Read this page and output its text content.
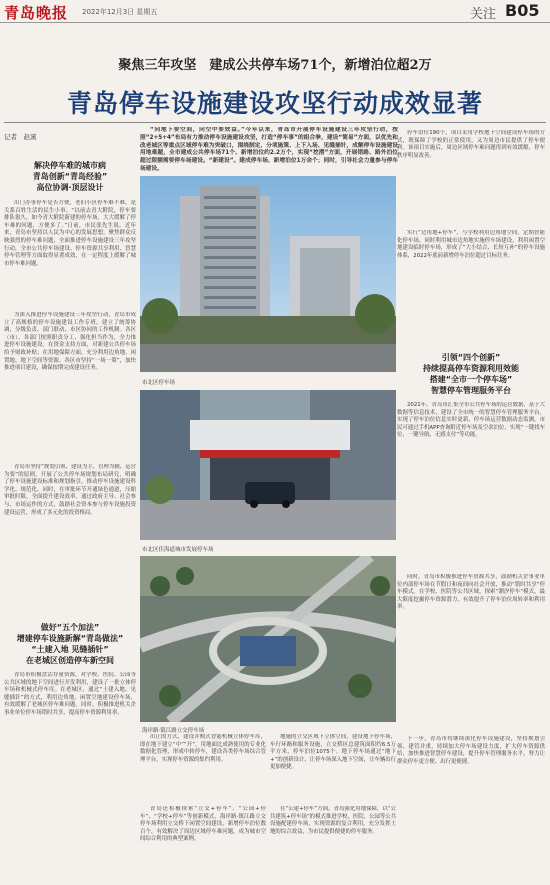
青岛晚报 2022年12月3日 星期五	关注 B05
聚焦三年攻坚　建成公共停车场71个，新增泊位超2万
青岛停车设施建设攻坚行动成效显著
记者　赵溪

“向地下要空间，向空中要效益。”今年以来，青岛市开展停车设施建设三年攻坚行动，按照“2+5+4”布局有力推动停车设施建设攻坚，打造“停车事”的组合拳，建设“简易”方面，以优先和改老城区等重点区域停车难为突破口，围绕制定、分项施策、上下入场、见缝插针，成解停车设施建设用地难题，全市建成公共停车场71个、新增泊位约2.2万个，实现“挖潜”方面，开展错路、路外泊位超过限额需要停车场建设。“新建设”。建成停车场、新增泊位1万余个；同时，引导社会力量参与停车场建设。

解决停车难的城市病
青岛创新“青岛经验”
高位协调·顶层设计

出门办事停车是否方便，老旧小区停车难不难，是关系百姓生活的民生小事。“以前去青大附院，停车要排队很久，如今青大附院新建的停车场，大大缓解了停车难的问题，方便多了。”日前，市民张先生说。近年来，青岛市坚持以人民为中心的发展思想，聚焦群众反映强烈的停车难问题，全面推进停车设施建设三年攻坚行动，全市公共停车场建设、停车资源共享利用、智慧停车管理等方面取得显著成效，在一定程度上缓解了城市停车难问题。

为深入推进停车设施建设三年攻坚行动，青岛市成立了高规格的停车设施建设工作专班，建立了统筹协调、分级负责、部门联动、市区协同的工作机制。各区（市）、各部门按照职责分工，强化担当作为，全力推进停车设施建设。在资金支持方面，对新建公共停车场给予财政补贴；在用地保障方面，充分利用边角地、闲置地、地下空间等资源。各区市坚持“一场一策”，加快推进项目建设，确保按期完成建设任务。

青岛市坚持“规划引领、建设为主、管理为辅、运营为要”的原则，开展了公共停车场规划布局研究，明确了停车设施建设标准和规划指引，推动停车设施建设科学化、规范化。同时，在审批环节开通绿色通道，压缩审批时限，全面提升建设效率。通过政府主导、社会参与、市场运作的方式，鼓励社会资本参与停车设施投资建设运营，形成了多元化的投资格局。

做好“五个加法”
增建停车设施新解“青岛做法”
“土建入地 见缝插针”
在老城区创造停车新空间

青岛市积极盘活存量资源，对学校、医院、公园等公共区域的地下空间进行开发利用，建设了一批立体停车场和机械式停车库。在老城区，通过“土建入地、见缝插针”的方式，利用边角地、闲置空地建设停车场，有效缓解了老城区停车难问题。同时，积极推进机关企事业单位停车场错时共享，提高停车资源利用率。

市北区停车场
市北区佳海道城市发展停车场
海岸路·镇江路立交停车场

出让的方式，建设并购式智能机械立体停车库，即在地下建立“中”“开”，用地面比成熟使用的专业化数据化管理，形成中转停车，建设各类停车场综合管理平台，实现停车资源的集约利用。

青岛还积极探索“立交+停车”、“公园+停车”、“学校+停车”等创新模式，海岸路·镇江路立交停车场利用立交桥下闲置空间建设，新增停车泊位数百个，有效解决了周边区域停车难问题，成为城市空间综合利用的典型案例。

地施的立交区域下立体空间，建设地下停车场，车行环路和服务设施，立交桥区总建筑面积约6.5万平方米，停车泊位1075个。地下停车场通过“地下+”的创新设计，让停车场深入地下空间，让车辆出行更加便捷。

在“公建+停车”方面，青岛强化用地保障，以“公共建筑+停车场”的模式推进学校、医院、公园等公共设施配建停车场，实现资源的复合利用，充分发挥土地的综合效益，为市民提供便捷的停车服务。

停车泊位190个，项目采用学校地下空间建设停车场的方式，既保障了学校的正常使用，又为周边市民提供了停车便利。该项目实施后，周边区域停车难问题得到有效缓解，停车秩序明显改善。

实行“边角地+停车”，与学校利用边角地空间，定期智能化停车场，同时利用城市边角地实施停车场建设，利用闲置空地建设临时停车场，形成了“大小结合、长短互补”的停车设施体系，2022年底前新增停车泊位超过目标任务。

引领“四个创新”
持续提高停车资源利用效能
搭建“全市一个停车场”
智慧停车管理服务平台

2021年，青岛市汇集全市公共停车场的运营数据，基于大数据等信息技术，建设了全市统一的智慧停车管理服务平台，实现了停车泊位信息实时更新、停车场运营数据动态监测，市民可通过手机APP查询附近停车场及空余泊位，实现“一键找车位、一键导航、无感支付”等功能。

同时，青岛市积极推进停车资源共享，鼓励机关企事业单位内部停车场在节假日和夜间向社会开放，推动“错时共享”停车模式。在学校、医院等公共区域，探索“潮汐停车”模式，最大限度挖掘停车资源潜力，有效提升了停车泊位周转率和利用率。

下一步，青岛市将继续深化停车设施建设，坚持规划引领、建管并重，持续加大停车场建设力度，扩大停车资源供给，加快推进智慧停车建设，提升停车管理服务水平，努力让群众停车更方便、出行更便捷。
